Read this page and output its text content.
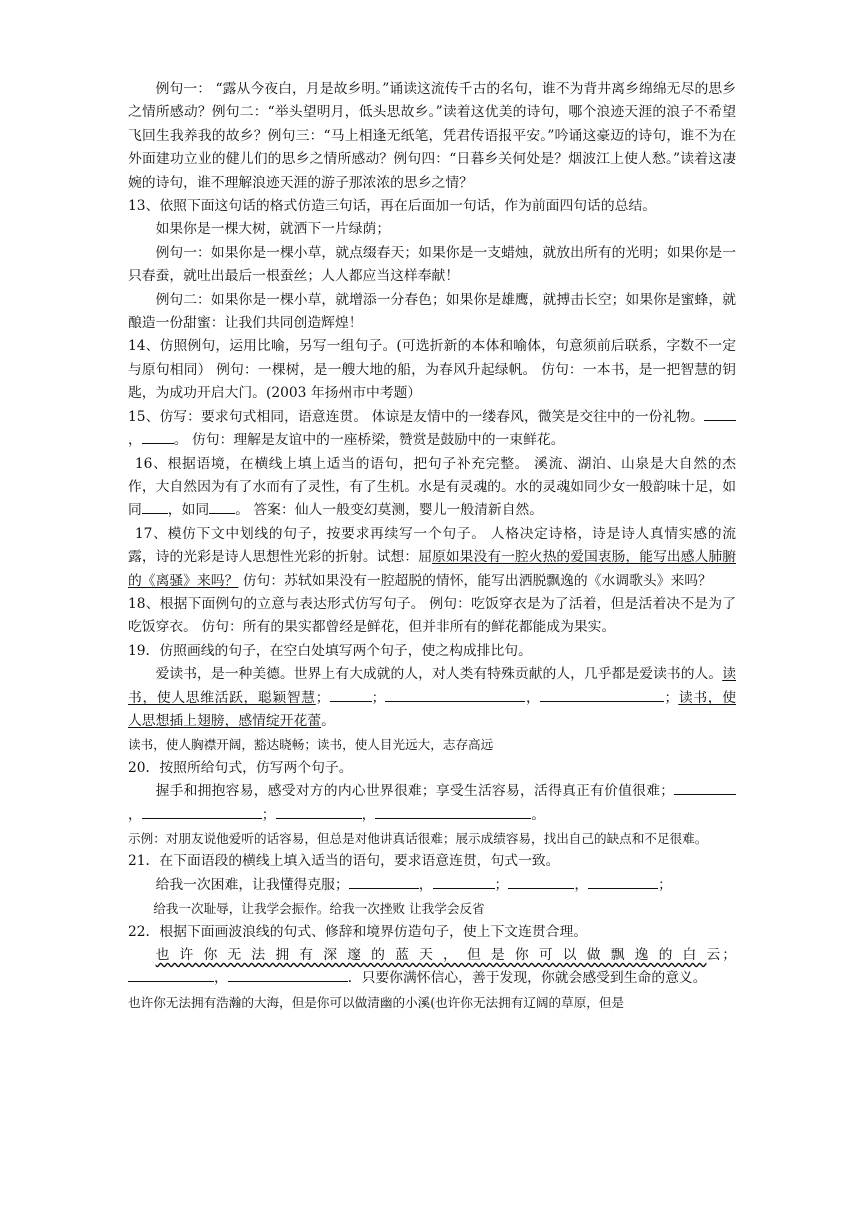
例句一： “露从今夜白，月是故乡明。”诵读这流传千古的名句，谁不为背井离乡绵绵无尽的思乡之情所感动？例句二：“举头望明月，低头思故乡。”读着这优美的诗句，哪个浪迹天涯的浪子不希望飞回生我养我的故乡？例句三：“马上相逢无纸笔，凭君传语报平安。”吟诵这豪迈的诗句，谁不为在外面建功立业的健儿们的思乡之情所感动？例句四：“日暮乡关何处是？烟波江上使人愁。”读着这凄婉的诗句，谁不理解浪迹天涯的游子那浓浓的思乡之情？

13、依照下面这句话的格式仿造三句话，再在后面加一句话，作为前面四句话的总结。

如果你是一棵大树，就洒下一片绿荫；

例句一：如果你是一棵小草，就点缀春天；如果你是一支蜡烛，就放出所有的光明；如果你是一只春蚕，就吐出最后一根蚕丝；人人都应当这样奉献！

例句二：如果你是一棵小草，就增添一分春色；如果你是雄鹰，就搏击长空；如果你是蜜蜂，就酿造一份甜蜜：让我们共同创造辉煌！

14、仿照例句，运用比喻，另写一组句子。(可选折新的本体和喻体，句意须前后联系，字数不一定与原句相同） 例句：一棵树，是一艘大地的船，为春风升起绿帆。 仿句：一本书，是一把智慧的钥匙，为成功开启大门。(2003 年扬州市中考题）

15、仿写：要求句式相同，语意连贯。 体谅是友情中的一缕春风，微笑是交往中的一份礼物。， 。 仿句：理解是友谊中的一座桥梁，赞赏是鼓励中的一束鲜花。

16、根据语境，在横线上填上适当的语句，把句子补充完整。 溪流、湖泊、山泉是大自然的杰作，大自然因为有了水而有了灵性，有了生机。水是有灵魂的。水的灵魂如同少女一般韵味十足，如同 ，如同 。 答案：仙人一般变幻莫测，婴儿一般清新自然。

17、模仿下文中划线的句子，按要求再续写一个句子。 人格决定诗格，诗是诗人真情实感的流露，诗的光彩是诗人思想性光彩的折射。试想：屈原如果没有一腔火热的爱国衷肠，能写出感人肺腑的《离骚》来吗？ 仿句：苏轼如果没有一腔超脱的情怀，能写出洒脱飘逸的《水调歌头》来吗？

18、根据下面例句的立意与表达形式仿写句子。 例句：吃饭穿衣是为了活着，但是活着决不是为了吃饭穿衣。 仿句：所有的果实都曾经是鲜花，但并非所有的鲜花都能成为果实。

19．仿照画线的句子，在空白处填写两个句子，使之构成排比句。

爱读书，是一种美德。世界上有大成就的人，对人类有特殊贡献的人，几乎都是爱读书的人。读书，使人思维活跃，聪颖智慧；	；	，	；读书，使人思想插上翅膀，感情绽开花蕾。

读书，使人胸襟开阔，豁达晓畅；读书，使人目光远大，志存高远

20．按照所给句式，仿写两个句子。

握手和拥抱容易，感受对方的内心世界很难；享受生活容易，活得真正有价值很难；，	；	，	。

示例：对朋友说他爱听的话容易，但总是对他讲真话很难；展示成绩容易，找出自己的缺点和不足很难。

21．在下面语段的横线上填入适当的语句，要求语意连贯，句式一致。

给我一次困难，让我懂得克服；	，	；	，	；

给我一次耻辱，让我学会振作。给我一次挫败 让我学会反省

22．根据下面画波浪线的句式、修辞和境界仿造句子，使上下文连贯合理。

也许你无法拥有深邃的蓝天，但是你可以做飘逸的白云；，	．只要你满怀信心，善于发现，你就会感受到生命的意义。

也许你无法拥有浩瀚的大海，但是你可以做清幽的小溪(也许你无法拥有辽阔的草原，但是
